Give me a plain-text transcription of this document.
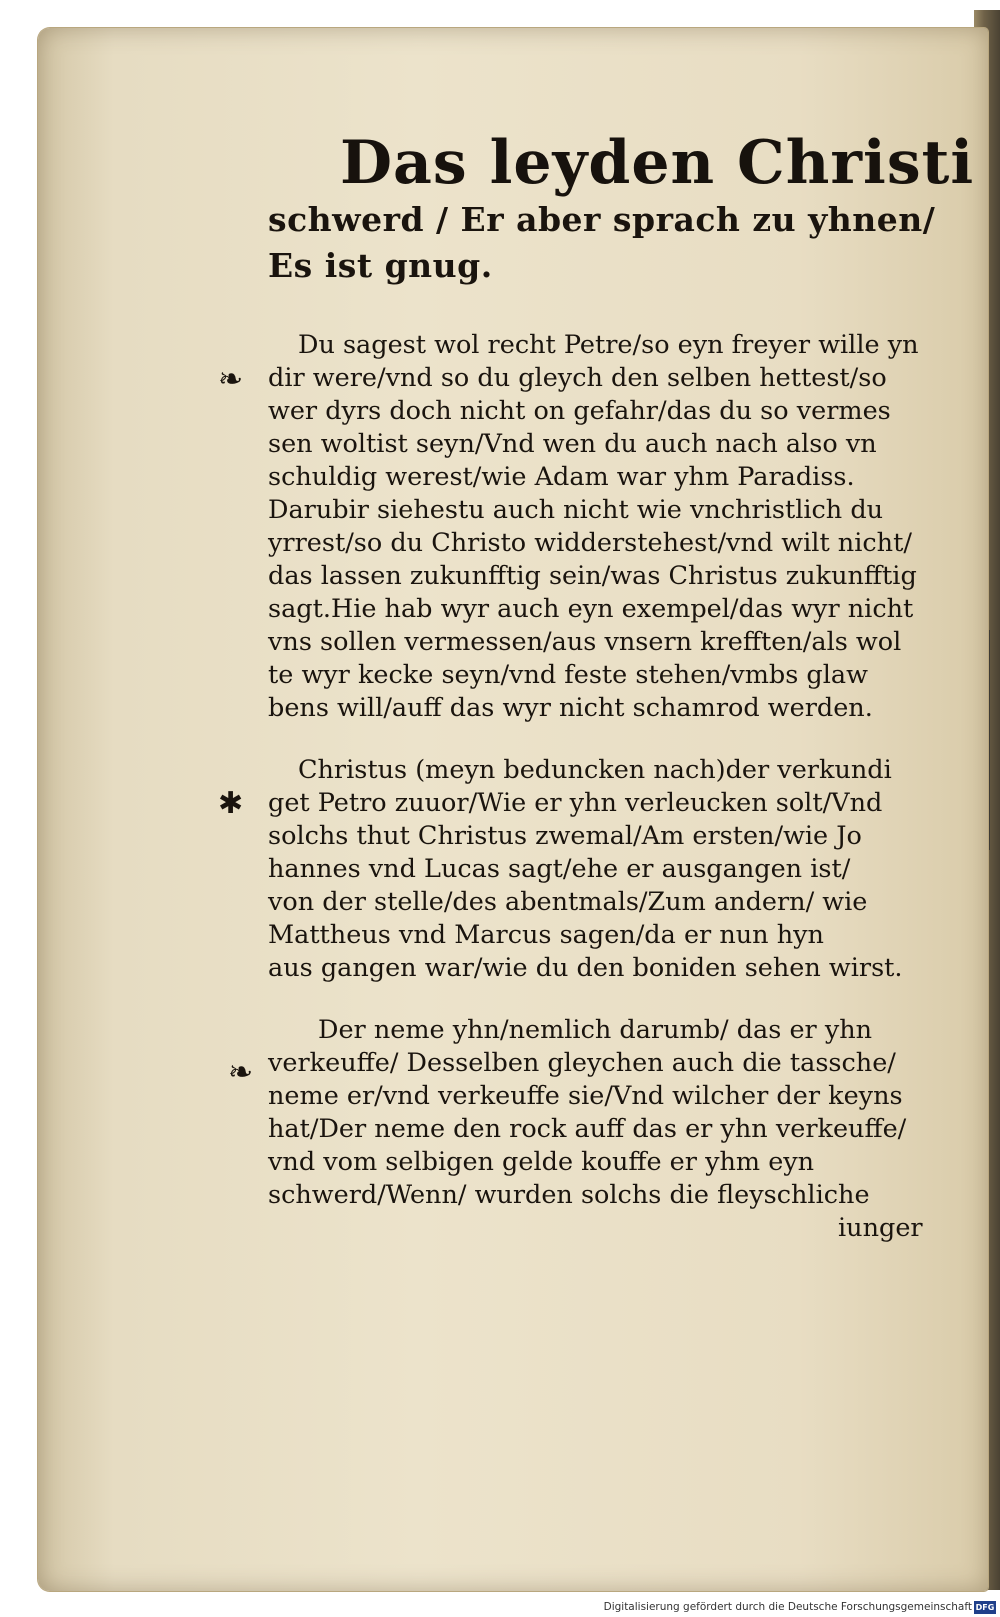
Das leyden Christi
schwerd / Er aber sprach zu yhnen/
Es ist gnug.
Du sagest wol recht Petre/so eyn freyer wille yn
dir were/vnd so du gleych den selben hettest/so
wer dyrs doch nicht on gefahr/das du so vermes
sen woltist seyn/Vnd wen du auch nach also vn
schuldig werest/wie Adam war yhm Paradiss.
Darubir siehestu auch nicht wie vnchristlich du
yrrest/so du Christo widderstehest/vnd wilt nicht/
das lassen zukunfftig sein/was Christus zukunfftig
sagt.Hie hab wyr auch eyn exempel/das wyr nicht
vns sollen vermessen/aus vnsern krefften/als wol
te wyr kecke seyn/vnd feste stehen/vmbs glaw
bens will/auff das wyr nicht schamrod werden.
Christus (meyn beduncken nach)der verkundi
get Petro zuuor/Wie er yhn verleucken solt/Vnd
solchs thut Christus zwemal/Am ersten/wie Jo
hannes vnd Lucas sagt/ehe er ausgangen ist/
von der stelle/des abentmals/Zum andern/ wie
Mattheus vnd Marcus sagen/da er nun hyn
aus gangen war/wie du den boniden sehen wirst.
Der neme yhn/nemlich darumb/ das er yhn
verkeuffe/ Desselben gleychen auch die tassche/
neme er/vnd verkeuffe sie/Vnd wilcher der keyns
hat/Der neme den rock auff das er yhn verkeuffe/
vnd vom selbigen gelde kouffe er yhm eyn
schwerd/Wenn/ wurden solchs die fleyschliche
iunger
❧
✱
❧
Digitalisierung gefördert durch die Deutsche Forschungsgemeinschaft DFG
